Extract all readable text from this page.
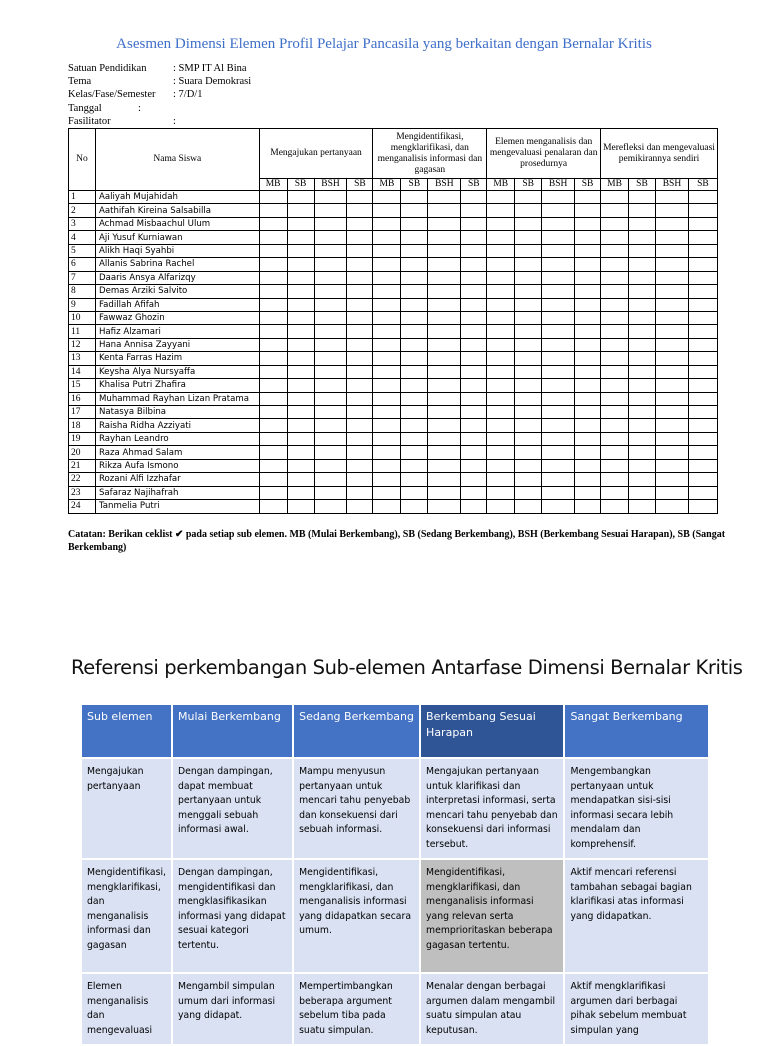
Asesmen Dimensi Elemen Profil Pelajar Pancasila yang berkaitan dengan Bernalar Kritis
Satuan Pendidikan	: SMP IT Al Bina
Tema	: Suara Demokrasi
Kelas/Fase/Semester	: 7/D/1
Tanggal	:
Fasilitator	:
No	Nama Siswa	Mengajukan pertanyaan				Mengidentifikasi, mengklarifikasi, dan menganalisis informasi dan gagasan				Elemen menganalisis dan mengevaluasi penalaran dan prosedurnya				Merefleksi dan mengevaluasi pemikirannya sendiri			
		MB	SB	BSH	SB	MB	SB	BSH	SB	MB	SB	BSH	SB	MB	SB	BSH	SB
1	Aaliyah Mujahidah																
2	Aathifah Kireina Salsabilla																
3	Achmad Misbaachul Ulum																
4	Aji Yusuf Kurniawan																
5	Alikh Haqi Syahbi																
6	Allanis Sabrina Rachel																
7	Daaris Ansya Alfarizqy																
8	Demas Arziki Salvito																
9	Fadillah Afifah																
10	Fawwaz Ghozin																
11	Hafiz Alzamari																
12	Hana Annisa Zayyani																
13	Kenta Farras Hazim																
14	Keysha Alya Nursyaffa																
15	Khalisa Putri Zhafira																
16	Muhammad Rayhan Lizan Pratama																
17	Natasya Bilbina																
18	Raisha Ridha Azziyati																
19	Rayhan Leandro																
20	Raza Ahmad Salam																
21	Rikza Aufa Ismono																
22	Rozani Alfi Izzhafar																
23	Safaraz Najihafrah																
24	Tanmelia Putri																
Catatan: Berikan ceklist ✔ pada setiap sub elemen. MB (Mulai Berkembang), SB (Sedang Berkembang), BSH (Berkembang Sesuai Harapan), SB (Sangat Berkembang)
Referensi perkembangan Sub-elemen Antarfase Dimensi Bernalar Kritis
Sub elemen	Mulai Berkembang	Sedang Berkembang	Berkembang Sesuai Harapan	Sangat Berkembang
Mengajukan pertanyaan	Dengan dampingan, dapat membuat pertanyaan untuk menggali sebuah informasi awal.	Mampu menyusun pertanyaan untuk mencari tahu penyebab dan konsekuensi dari sebuah informasi.	Mengajukan pertanyaan untuk klarifikasi dan interpretasi informasi, serta mencari tahu penyebab dan konsekuensi dari informasi tersebut.	Mengembangkan pertanyaan untuk mendapatkan sisi-sisi informasi secara lebih mendalam dan komprehensif.
Mengidentifikasi, mengklarifikasi, dan menganalisis informasi dan gagasan	Dengan dampingan, mengidentifikasi dan mengklasifikasikan informasi yang didapat sesuai kategori tertentu.	Mengidentifikasi, mengklarifikasi, dan menganalisis informasi yang didapatkan secara umum.	Mengidentifikasi, mengklarifikasi, dan menganalisis informasi yang relevan serta memprioritaskan beberapa gagasan tertentu.	Aktif mencari referensi tambahan sebagai bagian klarifikasi atas informasi yang didapatkan.
Elemen menganalisis dan mengevaluasi	Mengambil simpulan umum dari informasi yang didapat.	Mempertimbangkan beberapa argument sebelum tiba pada suatu simpulan.	Menalar dengan berbagai argumen dalam mengambil suatu simpulan atau keputusan.	Aktif mengklarifikasi argumen dari berbagai pihak sebelum membuat simpulan yang
